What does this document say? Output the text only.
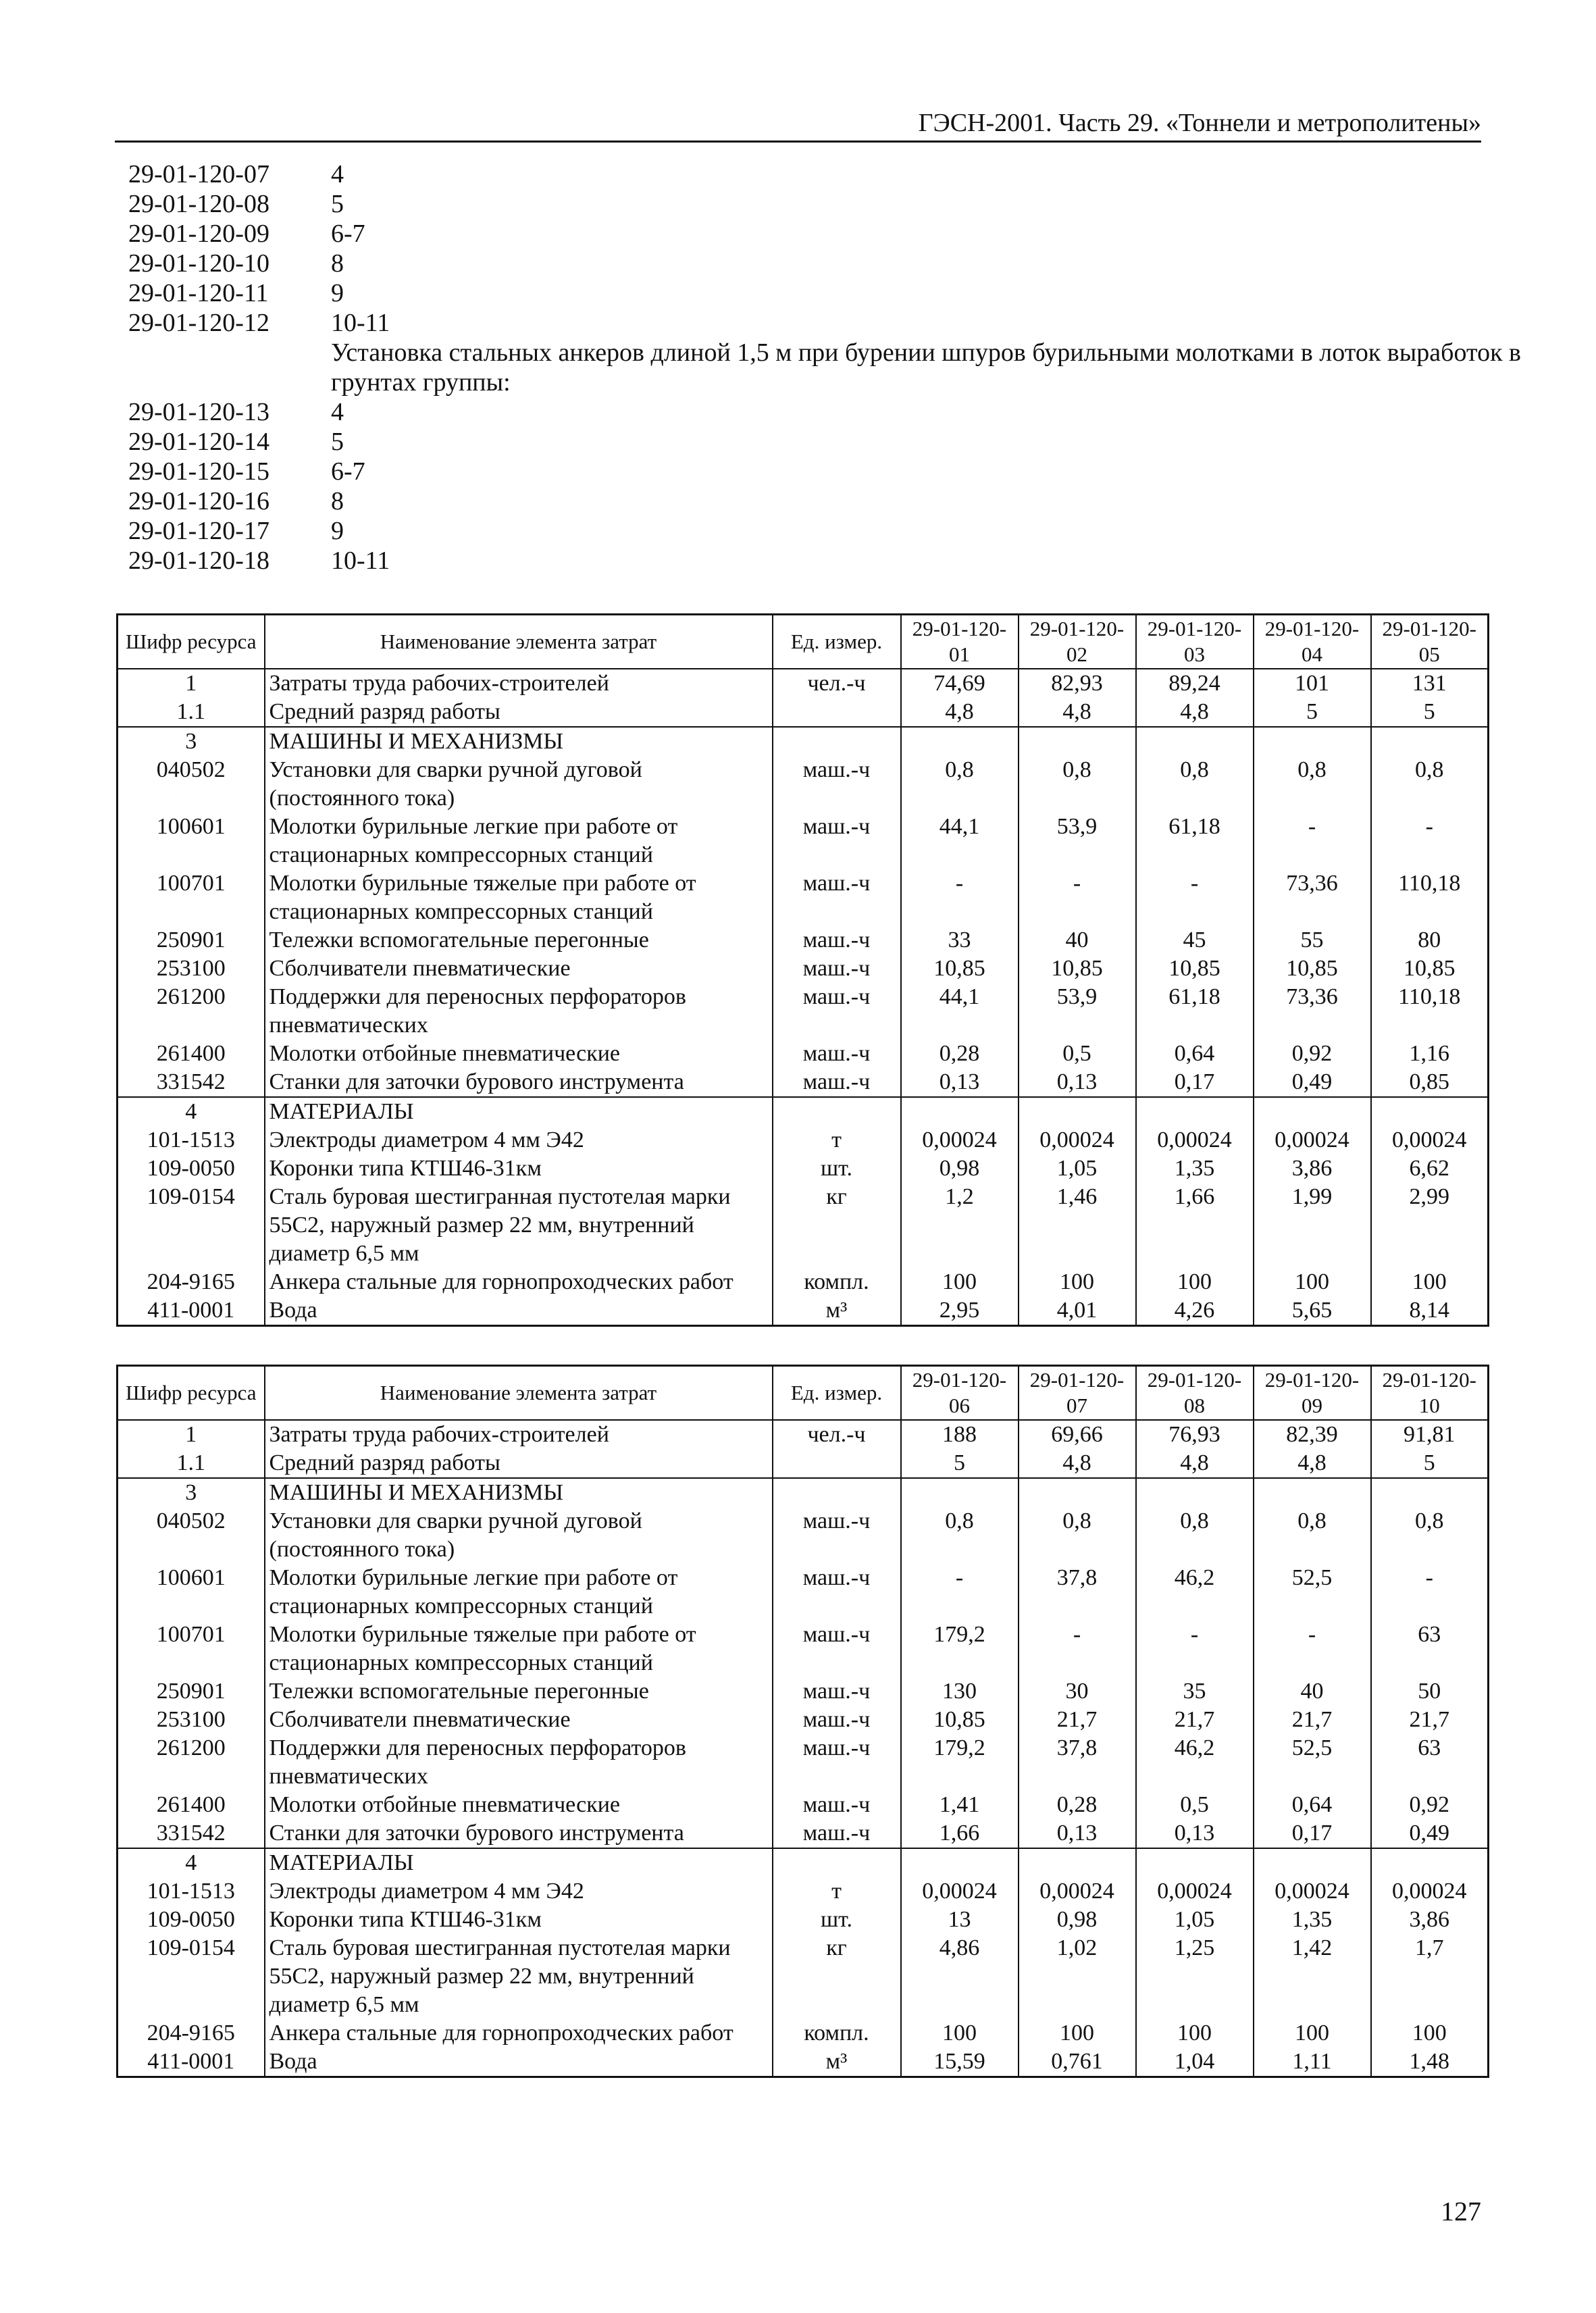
ГЭСН-2001. Часть 29. «Тоннели и метрополитены»
29-01-120-07	4
29-01-120-08	5
29-01-120-09	6-7
29-01-120-10	8
29-01-120-11	9
29-01-120-12	10-11
Установка стальных анкеров длиной 1,5 м при бурении шпуров бурильными молотками в лоток выработок в грунтах группы:
29-01-120-13	4
29-01-120-14	5
29-01-120-15	6-7
29-01-120-16	8
29-01-120-17	9
29-01-120-18	10-11
Шифр ресурса	Наименование элемента затрат	Ед. измер.	29-01-120-01	29-01-120-02	29-01-120-03	29-01-120-04	29-01-120-05
1	Затраты труда рабочих-строителей	чел.-ч	74,69	82,93	89,24	101	131
1.1	Средний разряд работы		4,8	4,8	4,8	5	5
3	МАШИНЫ И МЕХАНИЗМЫ						
040502	Установки для сварки ручной дуговой (постоянного тока)	маш.-ч	0,8	0,8	0,8	0,8	0,8
100601	Молотки бурильные легкие при работе от стационарных компрессорных станций	маш.-ч	44,1	53,9	61,18	-	-
100701	Молотки бурильные тяжелые при работе от стационарных компрессорных станций	маш.-ч	-	-	-	73,36	110,18
250901	Тележки вспомогательные перегонные	маш.-ч	33	40	45	55	80
253100	Сболчиватели пневматические	маш.-ч	10,85	10,85	10,85	10,85	10,85
261200	Поддержки для переносных перфораторов пневматических	маш.-ч	44,1	53,9	61,18	73,36	110,18
261400	Молотки отбойные пневматические	маш.-ч	0,28	0,5	0,64	0,92	1,16
331542	Станки для заточки бурового инструмента	маш.-ч	0,13	0,13	0,17	0,49	0,85
4	МАТЕРИАЛЫ						
101-1513	Электроды диаметром 4 мм Э42	т	0,00024	0,00024	0,00024	0,00024	0,00024
109-0050	Коронки типа КТШ46-31км	шт.	0,98	1,05	1,35	3,86	6,62
109-0154	Сталь буровая шестигранная пустотелая марки 55С2, наружный размер 22 мм, внутренний диаметр 6,5 мм	кг	1,2	1,46	1,66	1,99	2,99
204-9165	Анкера стальные для горнопроходческих работ	компл.	100	100	100	100	100
411-0001	Вода	м³	2,95	4,01	4,26	5,65	8,14
Шифр ресурса	Наименование элемента затрат	Ед. измер.	29-01-120-06	29-01-120-07	29-01-120-08	29-01-120-09	29-01-120-10
1	Затраты труда рабочих-строителей	чел.-ч	188	69,66	76,93	82,39	91,81
1.1	Средний разряд работы		5	4,8	4,8	4,8	5
3	МАШИНЫ И МЕХАНИЗМЫ						
040502	Установки для сварки ручной дуговой (постоянного тока)	маш.-ч	0,8	0,8	0,8	0,8	0,8
100601	Молотки бурильные легкие при работе от стационарных компрессорных станций	маш.-ч	-	37,8	46,2	52,5	-
100701	Молотки бурильные тяжелые при работе от стационарных компрессорных станций	маш.-ч	179,2	-	-	-	63
250901	Тележки вспомогательные перегонные	маш.-ч	130	30	35	40	50
253100	Сболчиватели пневматические	маш.-ч	10,85	21,7	21,7	21,7	21,7
261200	Поддержки для переносных перфораторов пневматических	маш.-ч	179,2	37,8	46,2	52,5	63
261400	Молотки отбойные пневматические	маш.-ч	1,41	0,28	0,5	0,64	0,92
331542	Станки для заточки бурового инструмента	маш.-ч	1,66	0,13	0,13	0,17	0,49
4	МАТЕРИАЛЫ						
101-1513	Электроды диаметром 4 мм Э42	т	0,00024	0,00024	0,00024	0,00024	0,00024
109-0050	Коронки типа КТШ46-31км	шт.	13	0,98	1,05	1,35	3,86
109-0154	Сталь буровая шестигранная пустотелая марки 55С2, наружный размер 22 мм, внутренний диаметр 6,5 мм	кг	4,86	1,02	1,25	1,42	1,7
204-9165	Анкера стальные для горнопроходческих работ	компл.	100	100	100	100	100
411-0001	Вода	м³	15,59	0,761	1,04	1,11	1,48
127
